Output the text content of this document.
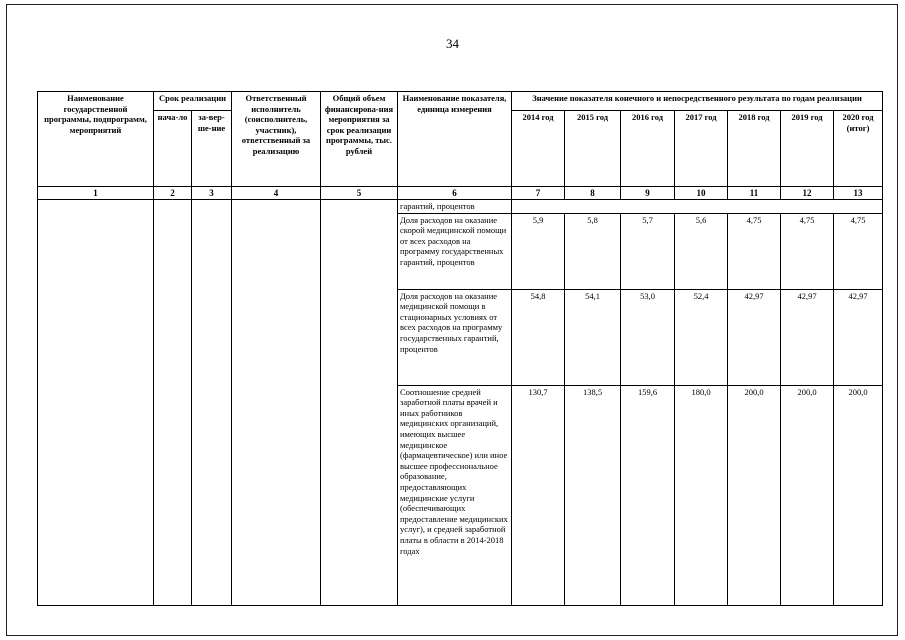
34
Наименование государственной программы, подпрограмм, мероприятий	Срок реализации		Ответственный исполнитель (соисполнитель, участник), ответственный за реализацию	Общий объем финансирова-ния мероприятия за срок реализации программы, тыс. рублей	Наименование показателя, единица измерения	Значение показателя конечного и непосредственного результата по годам реализации						
	нача-ло	за-вер-ше-ние				2014 год	2015 год	2016 год	2017 год	2018 год	2019 год	2020 год (итог)
1	2	3	4	5	6	7	8	9	10	11	12	13
					гарантий, процентов							
					Доля расходов на оказание скорой медицинской помощи от всех расходов на программу государственных гарантий, процентов	5,9	5,8	5,7	5,6	4,75	4,75	4,75
					Доля расходов на оказание медицинской помощи в стационарных условиях от всех расходов на программу государственных гарантий, процентов	54,8	54,1	53,0	52,4	42,97	42,97	42,97
					Соотношение средней заработной платы врачей и иных работников медицинских организаций, имеющих высшее медицинское (фармацевтическое) или иное высшее профессиональное образование, предоставляющих медицинские услуги (обеспечивающих предоставление медицинских услуг), и средней заработной платы в области в 2014-2018 годах	130,7	138,5	159,6	180,0	200,0	200,0	200,0
